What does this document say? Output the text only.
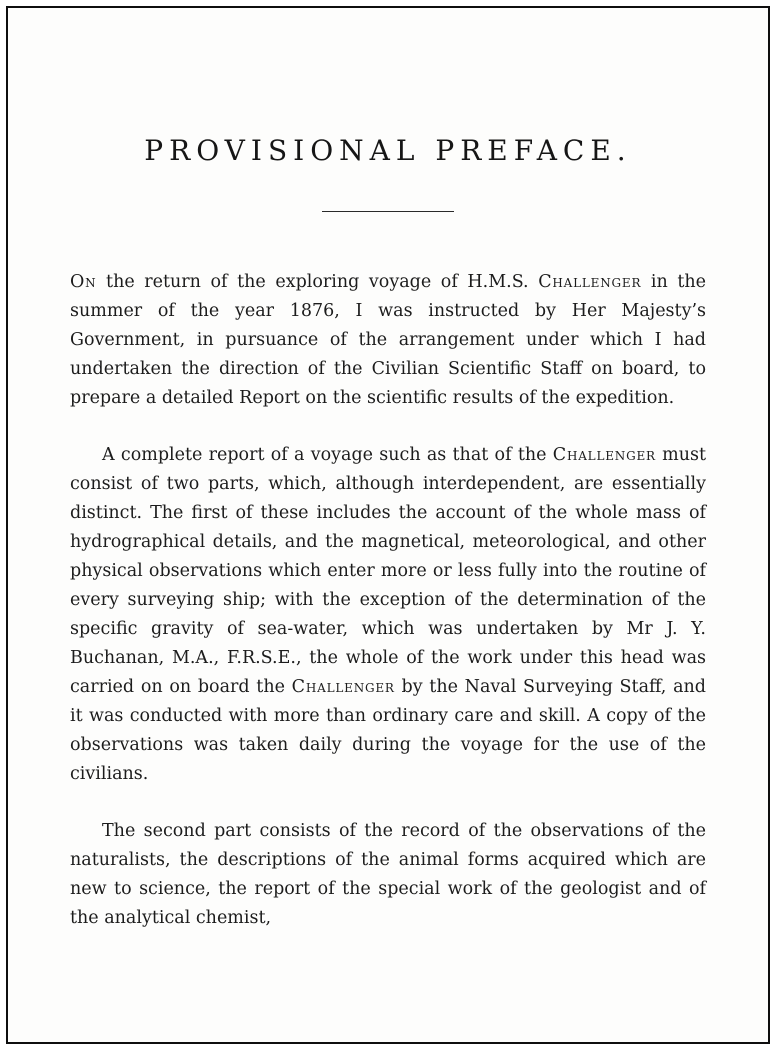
PROVISIONAL PREFACE.

On the return of the exploring voyage of H.M.S. Challenger in the summer of the year 1876, I was instructed by Her Majesty’s Government, in pursuance of the arrangement under which I had undertaken the direction of the Civilian Scientific Staff on board, to prepare a detailed Report on the scientific results of the expedition.

A complete report of a voyage such as that of the Challenger must consist of two parts, which, although interdependent, are essentially distinct. The first of these includes the account of the whole mass of hydrographical details, and the magnetical, meteorological, and other physical observations which enter more or less fully into the routine of every surveying ship; with the exception of the determination of the specific gravity of sea-water, which was undertaken by Mr J. Y. Buchanan, M.A., F.R.S.E., the whole of the work under this head was carried on on board the Challenger by the Naval Surveying Staff, and it was conducted with more than ordinary care and skill. A copy of the observations was taken daily during the voyage for the use of the civilians.

The second part consists of the record of the observations of the naturalists, the descriptions of the animal forms acquired which are new to science, the report of the special work of the geologist and of the analytical chemist,
